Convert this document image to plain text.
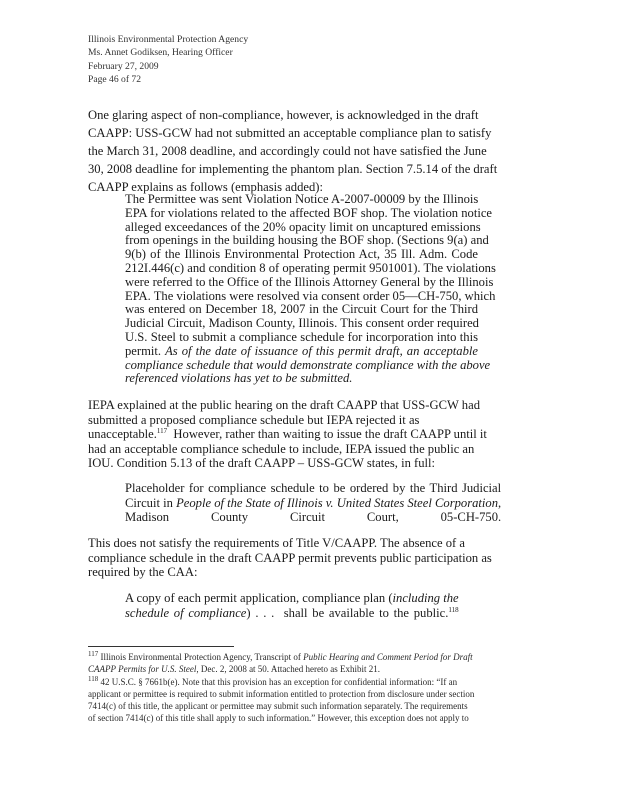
Illinois Environmental Protection Agency
Ms. Annet Godiksen, Hearing Officer
February 27, 2009
Page 46 of 72
One glaring aspect of non-compliance, however, is acknowledged in the draft
CAAPP: USS-GCW had not submitted an acceptable compliance plan to satisfy
the March 31, 2008 deadline, and accordingly could not have satisfied the June
30, 2008 deadline for implementing the phantom plan. Section 7.5.14 of the draft
CAAPP explains as follows (emphasis added):
The Permittee was sent Violation Notice A-2007-00009 by the Illinois
EPA for violations related to the affected BOF shop. The violation notice
alleged exceedances of the 20% opacity limit on uncaptured emissions
from openings in the building housing the BOF shop. (Sections 9(a) and
9(b) of the Illinois Environmental Protection Act, 35 Ill. Adm. Code
212I.446(c) and condition 8 of operating permit 9501001). The violations
were referred to the Office of the Illinois Attorney General by the Illinois
EPA. The violations were resolved via consent order 05—CH-750, which
was entered on December 18, 2007 in the Circuit Court for the Third
Judicial Circuit, Madison County, Illinois. This consent order required
U.S. Steel to submit a compliance schedule for incorporation into this
permit. As of the date of issuance of this permit draft, an acceptable
compliance schedule that would demonstrate compliance with the above
referenced violations has yet to be submitted.
IEPA explained at the public hearing on the draft CAAPP that USS-GCW had
submitted a proposed compliance schedule but IEPA rejected it as
unacceptable.$^{117}$  However, rather than waiting to issue the draft CAAPP until it
had an acceptable compliance schedule to include, IEPA issued the public an
IOU. Condition 5.13 of the draft CAAPP – USS-GCW states, in full:
Placeholder for compliance schedule to be ordered by the Third Judicial
Circuit in People of the State of Illinois v. United States Steel Corporation,
Madison County Circuit Court, 05-CH-750.
This does not satisfy the requirements of Title V/CAAPP. The absence of a
compliance schedule in the draft CAAPP permit prevents public participation as
required by the CAA:
A copy of each permit application, compliance plan (including the
schedule of compliance) . . .  shall be available to the public.$^{118}$
$^{117}$ Illinois Environmental Protection Agency, Transcript of Public Hearing and Comment Period for Draft
CAAPP Permits for U.S. Steel, Dec. 2, 2008 at 50. Attached hereto as Exhibit 21.
$^{118}$ 42 U.S.C. § 7661b(e). Note that this provision has an exception for confidential information: “If an
applicant or permittee is required to submit information entitled to protection from disclosure under section
7414(c) of this title, the applicant or permittee may submit such information separately. The requirements
of section 7414(c) of this title shall apply to such information.” However, this exception does not apply to
